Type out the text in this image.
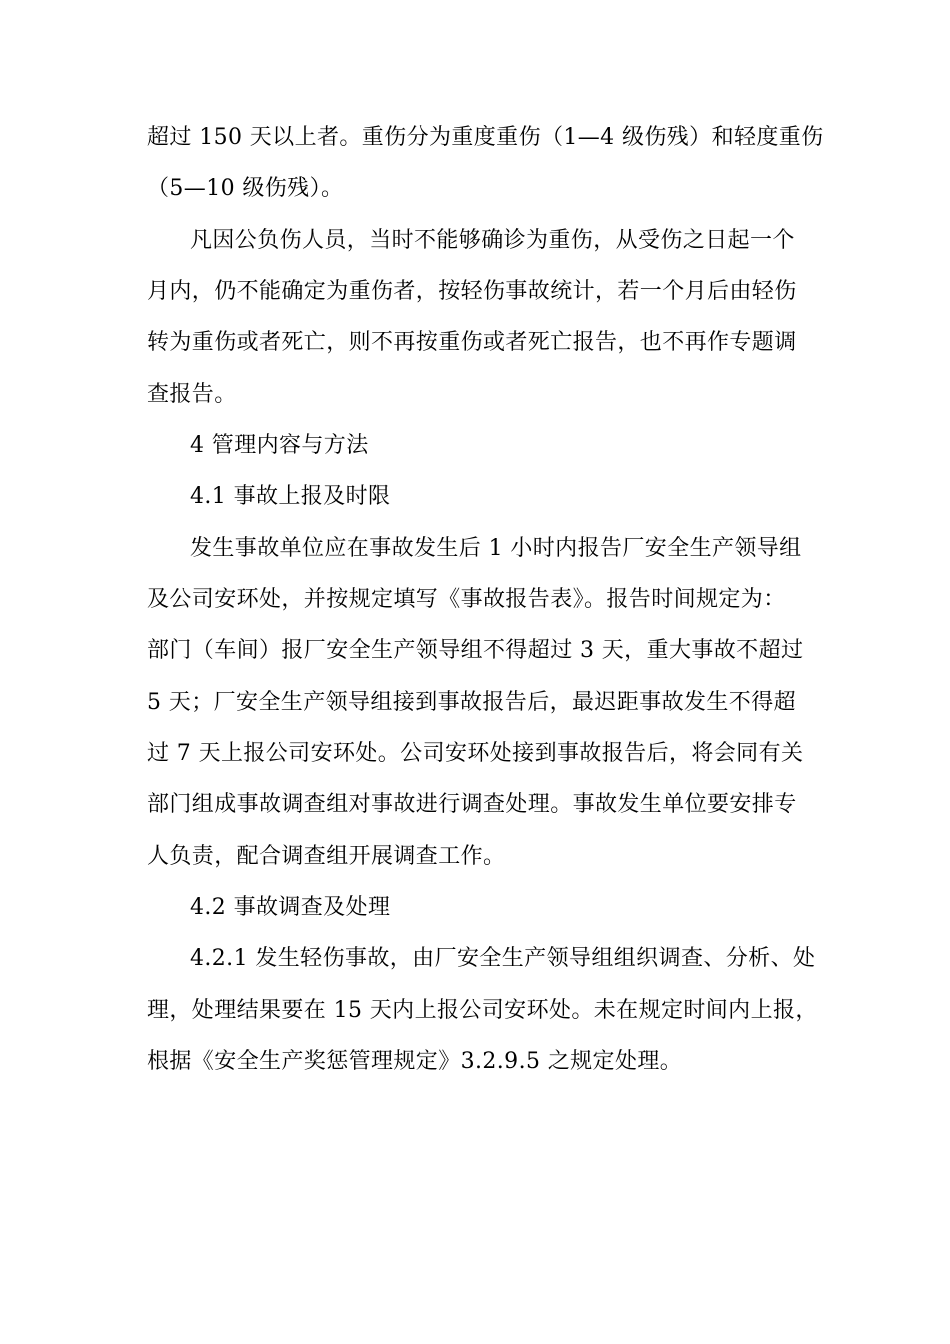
超过 150 天以上者。重伤分为重度重伤（1—4 级伤残）和轻度重伤
（5—10 级伤残）。
凡因公负伤人员，当时不能够确诊为重伤，从受伤之日起一个
月内，仍不能确定为重伤者，按轻伤事故统计，若一个月后由轻伤
转为重伤或者死亡，则不再按重伤或者死亡报告，也不再作专题调
查报告。
4 管理内容与方法
4.1 事故上报及时限
发生事故单位应在事故发生后 1 小时内报告厂安全生产领导组
及公司安环处，并按规定填写《事故报告表》。报告时间规定为：
部门（车间）报厂安全生产领导组不得超过 3 天，重大事故不超过
5 天；厂安全生产领导组接到事故报告后，最迟距事故发生不得超
过 7 天上报公司安环处。公司安环处接到事故报告后，将会同有关
部门组成事故调查组对事故进行调查处理。事故发生单位要安排专
人负责，配合调查组开展调查工作。
4.2 事故调查及处理
4.2.1 发生轻伤事故，由厂安全生产领导组组织调查、分析、处
理，处理结果要在 15 天内上报公司安环处。未在规定时间内上报，
根据《安全生产奖惩管理规定》3.2.9.5 之规定处理。
